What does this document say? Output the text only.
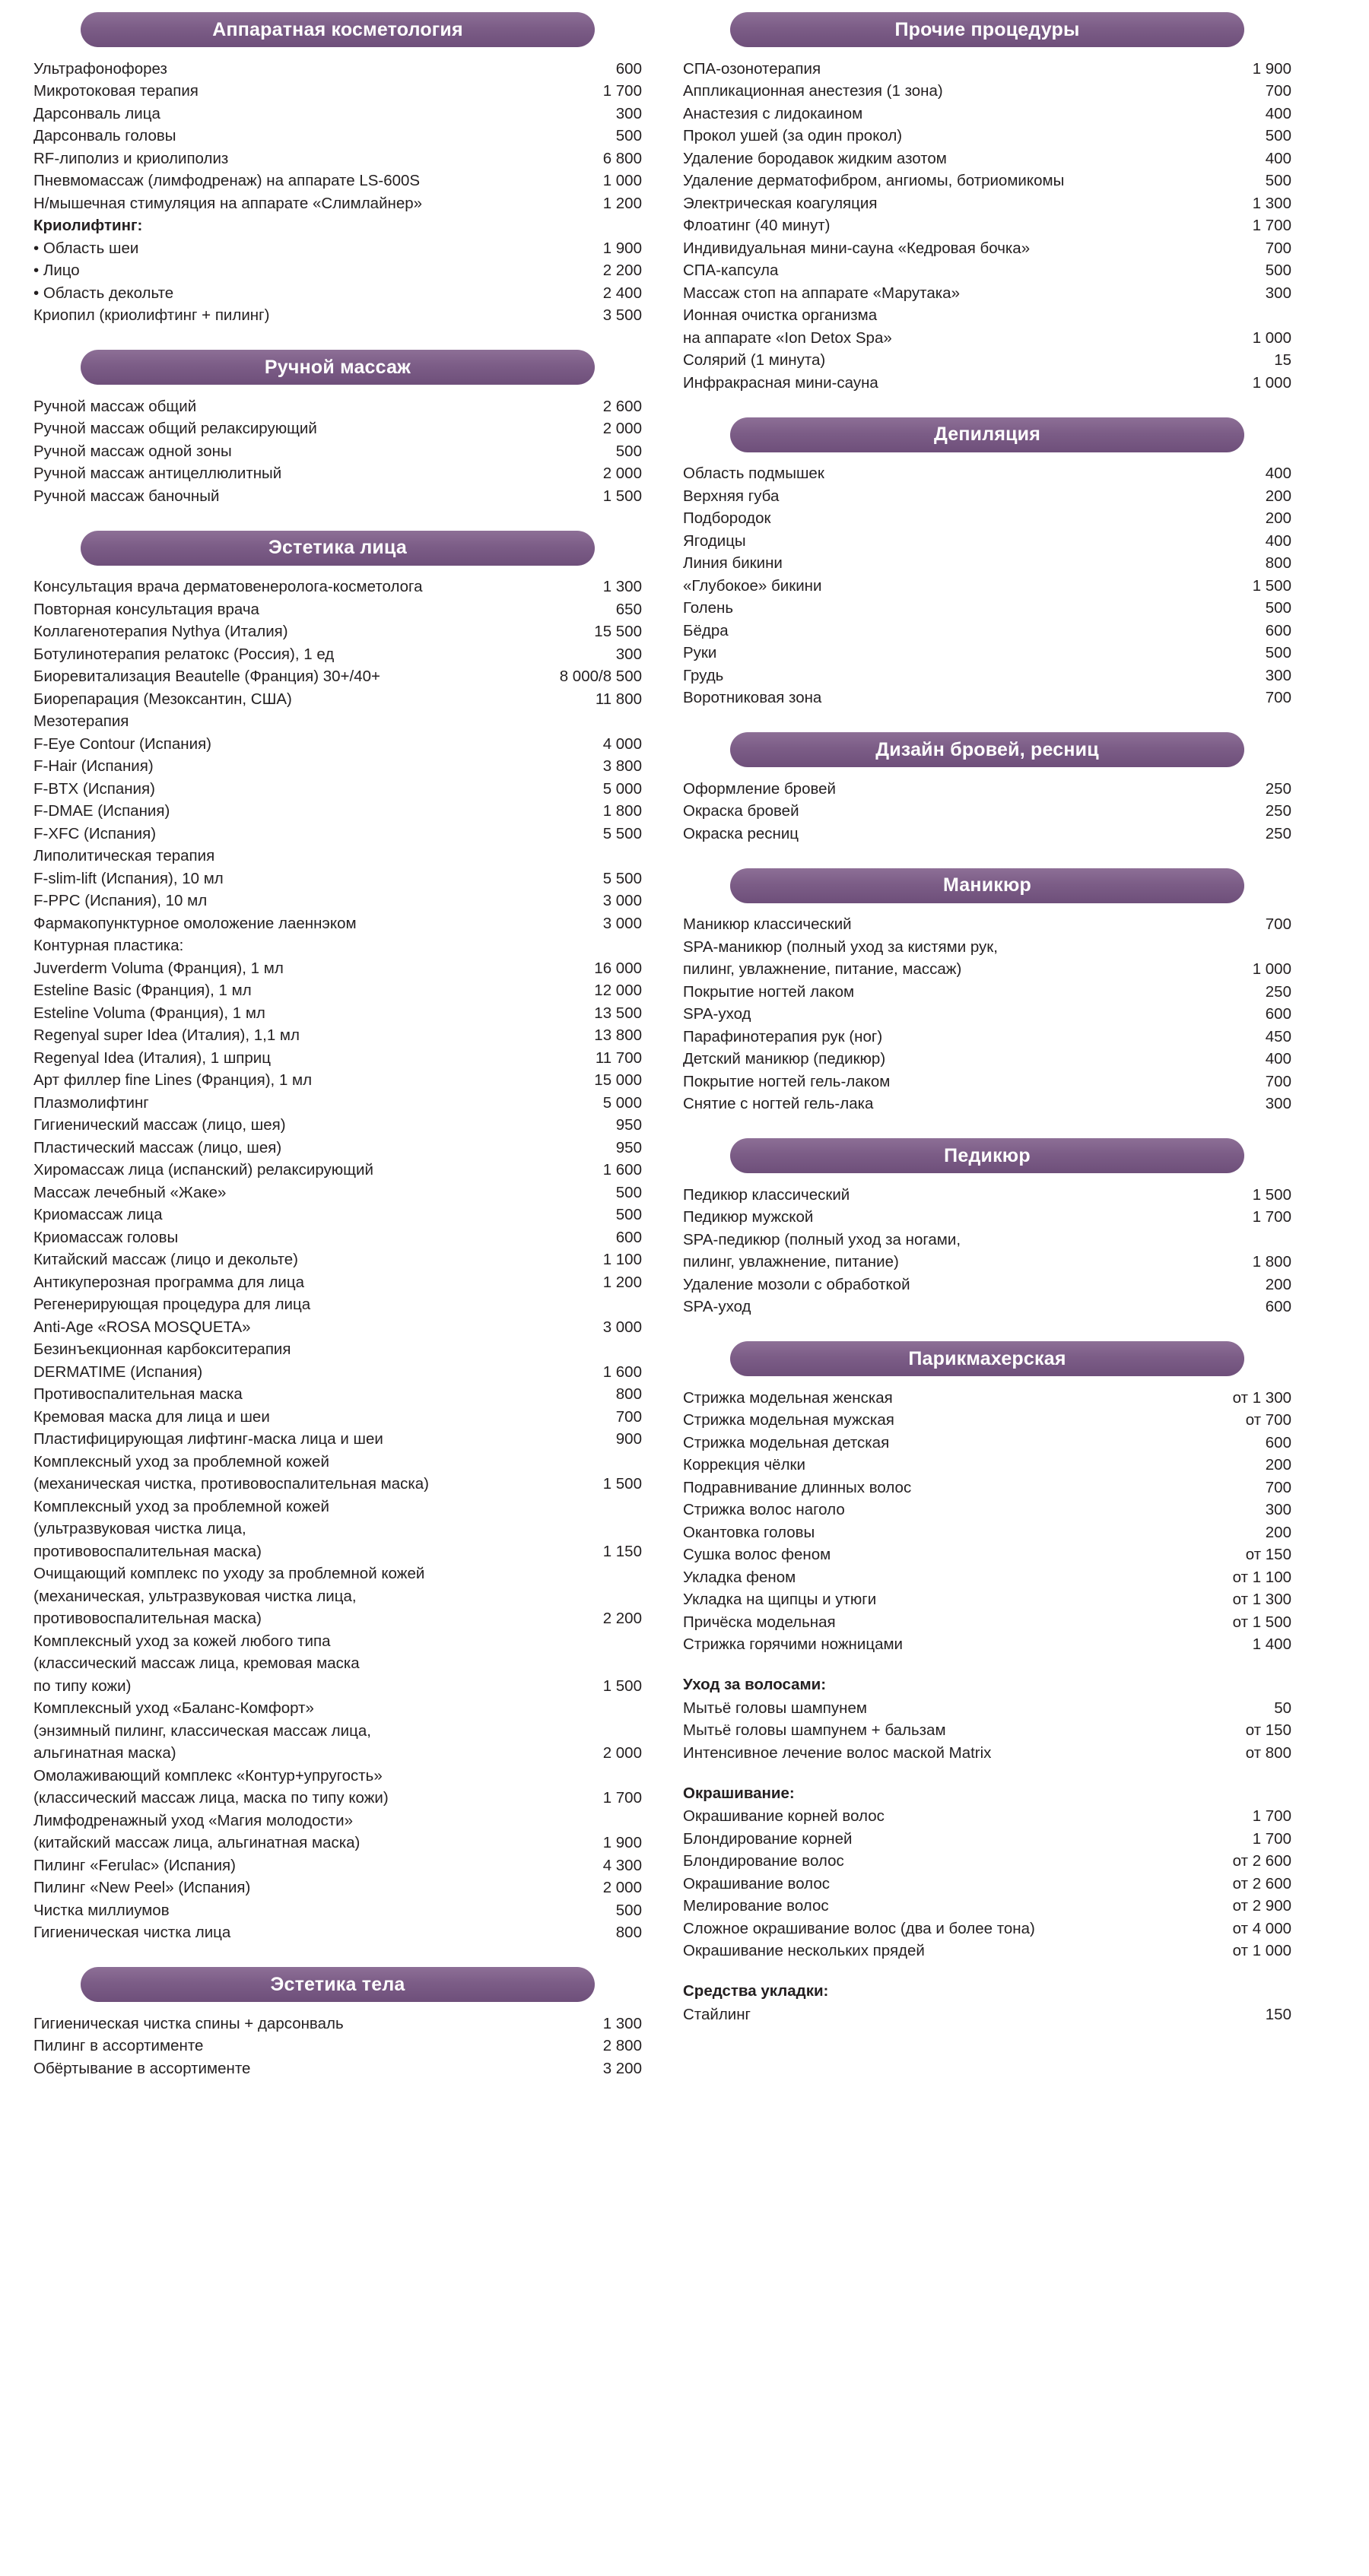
Аппаратная косметология
Ультрафонофорез	600
Микротоковая терапия	1 700
Дарсонваль лица	300
Дарсонваль головы	500
RF-липолиз и криолиполиз	6 800
Пневмомассаж (лимфодренаж) на аппарате LS-600S	1 000
Н/мышечная стимуляция на аппарате «Слимлайнер»	1 200
Криолифтинг:	
• Область шеи	1 900
• Лицо	2 200
• Область декольте	2 400
Криопил (криолифтинг + пилинг)	3 500
Ручной массаж
Ручной массаж общий	2 600
Ручной массаж общий релаксирующий	2 000
Ручной массаж одной зоны	500
Ручной массаж антицеллюлитный	2 000
Ручной массаж баночный	1 500
Эстетика лица
Консультация врача дерматовенеролога-косметолога	1 300
Повторная консультация врача	650
Коллагенотерапия Nythya (Италия)	15 500
Ботулинотерапия релатокс (Россия), 1 ед	300
Биоревитализация Beautelle (Франция) 30+/40+	8 000/8 500
Биорепарация (Мезоксантин, США)	11 800
Мезотерапия	
F-Eye Contour (Испания)	4 000
F-Hair (Испания)	3 800
F-BTX (Испания)	5 000
F-DMAE (Испания)	1 800
F-XFC (Испания)	5 500
Липолитическая терапия	
F-slim-lift (Испания), 10 мл	5 500
F-PPC (Испания), 10 мл	3 000
Фармакопунктурное омоложение лаеннэком	3 000
Контурная пластика:	
Juverderm Voluma (Франция), 1 мл	16 000
Esteline Basic (Франция), 1 мл	12 000
Esteline Voluma (Франция), 1 мл	13 500
Regenyal super Idea (Италия), 1,1 мл	13 800
Regenyal Idea (Италия), 1 шприц	11 700
Арт филлер fine Lines (Франция), 1 мл	15 000
Плазмолифтинг	5 000
Гигиенический массаж (лицо, шея)	950
Пластический массаж (лицо, шея)	950
Хиромассаж лица (испанский) релаксирующий	1 600
Массаж лечебный «Жаке»	500
Криомассаж лица	500
Криомассаж головы	600
Китайский массаж (лицо и декольте)	1 100
Антикуперозная программа для лица	1 200
Регенерирующая процедура для лица	
Anti-Age «ROSA MOSQUETA»	3 000
Безинъекционная карбокситерапия	
DERMATIME (Испания)	1 600
Противоспалительная маска	800
Кремовая маска для лица и шеи	700
Пластифицирующая лифтинг-маска лица и шеи	900
Комплексный уход за проблемной кожей	
(механическая чистка, противовоспалительная маска)	1 500
Комплексный уход за проблемной кожей	
(ультразвуковая чистка лица,	
противовоспалительная маска)	1 150
Очищающий комплекс по уходу за проблемной кожей	
(механическая, ультразвуковая чистка лица,	
противовоспалительная маска)	2 200
Комплексный уход за кожей любого типа	
(классический массаж лица, кремовая маска	
по типу кожи)	1 500
Комплексный уход «Баланс-Комфорт»	
(энзимный пилинг, классическая массаж лица,	
альгинатная маска)	2 000
Омолаживающий комплекс «Контур+упругость»	
(классический массаж лица, маска по типу кожи)	1 700
Лимфодренажный уход «Магия молодости»	
(китайский массаж лица, альгинатная маска)	1 900
Пилинг «Ferulac» (Испания)	4 300
Пилинг «New Peel» (Испания)	2 000
Чистка миллиумов	500
Гигиеническая чистка лица	800
Эстетика тела
Гигиеническая чистка спины + дарсонваль	1 300
Пилинг в ассортименте	2 800
Обёртывание в ассортименте	3 200
Прочие процедуры
СПА-озонотерапия	1 900
Аппликационная анестезия (1 зона)	700
Анастезия с лидокаином	400
Прокол ушей (за один прокол)	500
Удаление бородавок жидким азотом	400
Удаление дерматофибром, ангиомы, ботриомикомы	500
Электрическая коагуляция	1 300
Флоатинг (40 минут)	1 700
Индивидуальная мини-сауна «Кедровая бочка»	700
СПА-капсула	500
Массаж стоп на аппарате «Марутака»	300
Ионная очистка организма	
на аппарате «Ion Detox Spa»	1 000
Солярий (1 минута)	15
Инфракрасная мини-сауна	1 000
Депиляция
Область подмышек	400
Верхняя губа	200
Подбородок	200
Ягодицы	400
Линия бикини	800
«Глубокое» бикини	1 500
Голень	500
Бёдра	600
Руки	500
Грудь	300
Воротниковая зона	700
Дизайн бровей, ресниц
Оформление бровей	250
Окраска бровей	250
Окраска ресниц	250
Маникюр
Маникюр классический	700
SPA-маникюр (полный уход за кистями рук,	
пилинг, увлажнение, питание, массаж)	1 000
Покрытие ногтей лаком	250
SPA-уход	600
Парафинотерапия рук (ног)	450
Детский маникюр (педикюр)	400
Покрытие ногтей гель-лаком	700
Снятие с ногтей гель-лака	300
Педикюр
Педикюр классический	1 500
Педикюр мужской	1 700
SPA-педикюр (полный уход за ногами,	
пилинг, увлажнение, питание)	1 800
Удаление мозоли с обработкой	200
SPA-уход	600
Парикмахерская
Стрижка модельная женская	от 1 300
Стрижка модельная мужская	от 700
Стрижка модельная детская	600
Коррекция чёлки	200
Подравнивание длинных волос	700
Стрижка волос наголо	300
Окантовка головы	200
Сушка волос феном	от 150
Укладка феном	от 1 100
Укладка на щипцы и утюги	от 1 300
Причёска модельная	от 1 500
Стрижка горячими ножницами	1 400
Уход за волосами:
Мытьё головы шампунем	50
Мытьё головы шампунем + бальзам	от 150
Интенсивное лечение волос маской Matrix	от 800
Окрашивание:
Окрашивание корней волос	1 700
Блондирование корней	1 700
Блондирование волос	от 2 600
Окрашивание волос	от 2 600
Мелирование волос	от 2 900
Сложное окрашивание волос (два и более тона)	от 4 000
Окрашивание нескольких прядей	от 1 000
Средства укладки:
Стайлинг	150
